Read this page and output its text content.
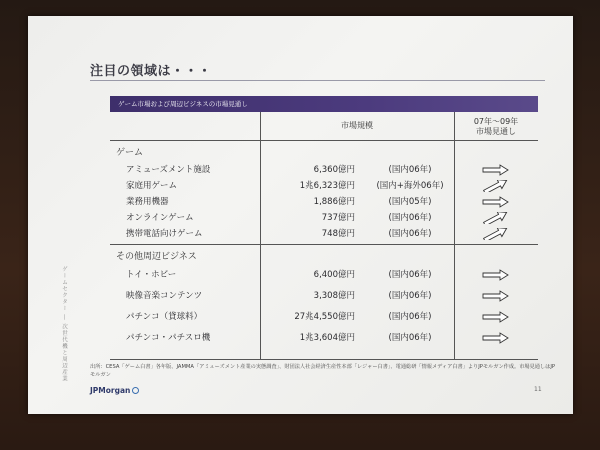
注目の領域は・・・
ゲーム市場および周辺ビジネスの市場見通し
市場規模	07年～09年
市場見通し
ゲーム
アミューズメント施設	6,360億円	(国内06年)
家庭用ゲーム	1兆6,323億円	(国内+海外06年)
業務用機器	1,886億円	(国内05年)
オンラインゲーム	737億円	(国内06年)
携帯電話向けゲーム	748億円	(国内06年)
その他周辺ビジネス
トイ・ホビー	6,400億円	(国内06年)
映像音楽コンテンツ	3,308億円	(国内06年)
パチンコ（貸球料）	27兆4,550億円	(国内06年)
パチンコ・パチスロ機	1兆3,604億円	(国内06年)
出所：CESA「ゲーム白書」各年版、JAMMA「アミューズメント産業の実態調査」、財団法人社会経済生産性本部「レジャー白書」、電通総研「情報メディア白書」よりJPモルガン作成。市場見通しはJPモルガン
JPMorgan	11
ゲームセクター ― 次世代機と周辺産業
